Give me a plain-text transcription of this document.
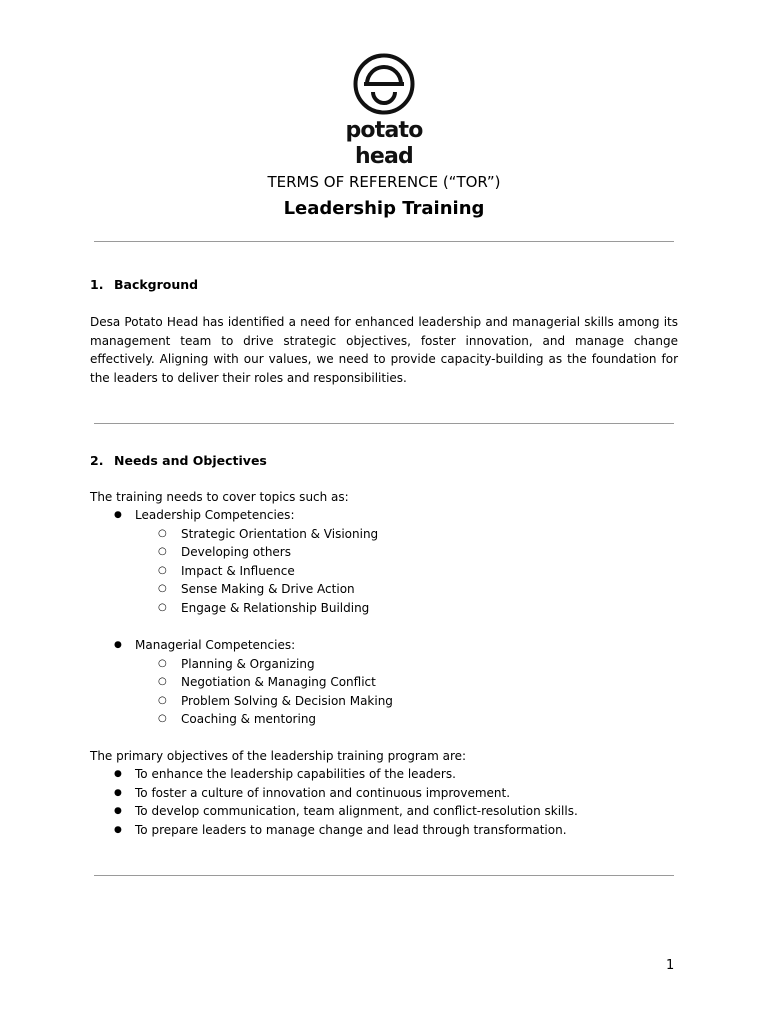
potato head
TERMS OF REFERENCE (“TOR”)
Leadership Training
1. Background

Desa Potato Head has identified a need for enhanced leadership and managerial skills among its management team to drive strategic objectives, foster innovation, and manage change effectively. Aligning with our values, we need to provide capacity-building as the foundation for the leaders to deliver their roles and responsibilities.

2. Needs and Objectives
The training needs to cover topics such as:
● Leadership Competencies:
○ Strategic Orientation & Visioning
○ Developing others
○ Impact & Influence
○ Sense Making & Drive Action
○ Engage & Relationship Building
● Managerial Competencies:
○ Planning & Organizing
○ Negotiation & Managing Conflict
○ Problem Solving & Decision Making
○ Coaching & mentoring
The primary objectives of the leadership training program are:
● To enhance the leadership capabilities of the leaders.
● To foster a culture of innovation and continuous improvement.
● To develop communication, team alignment, and conflict-resolution skills.
● To prepare leaders to manage change and lead through transformation.
1
